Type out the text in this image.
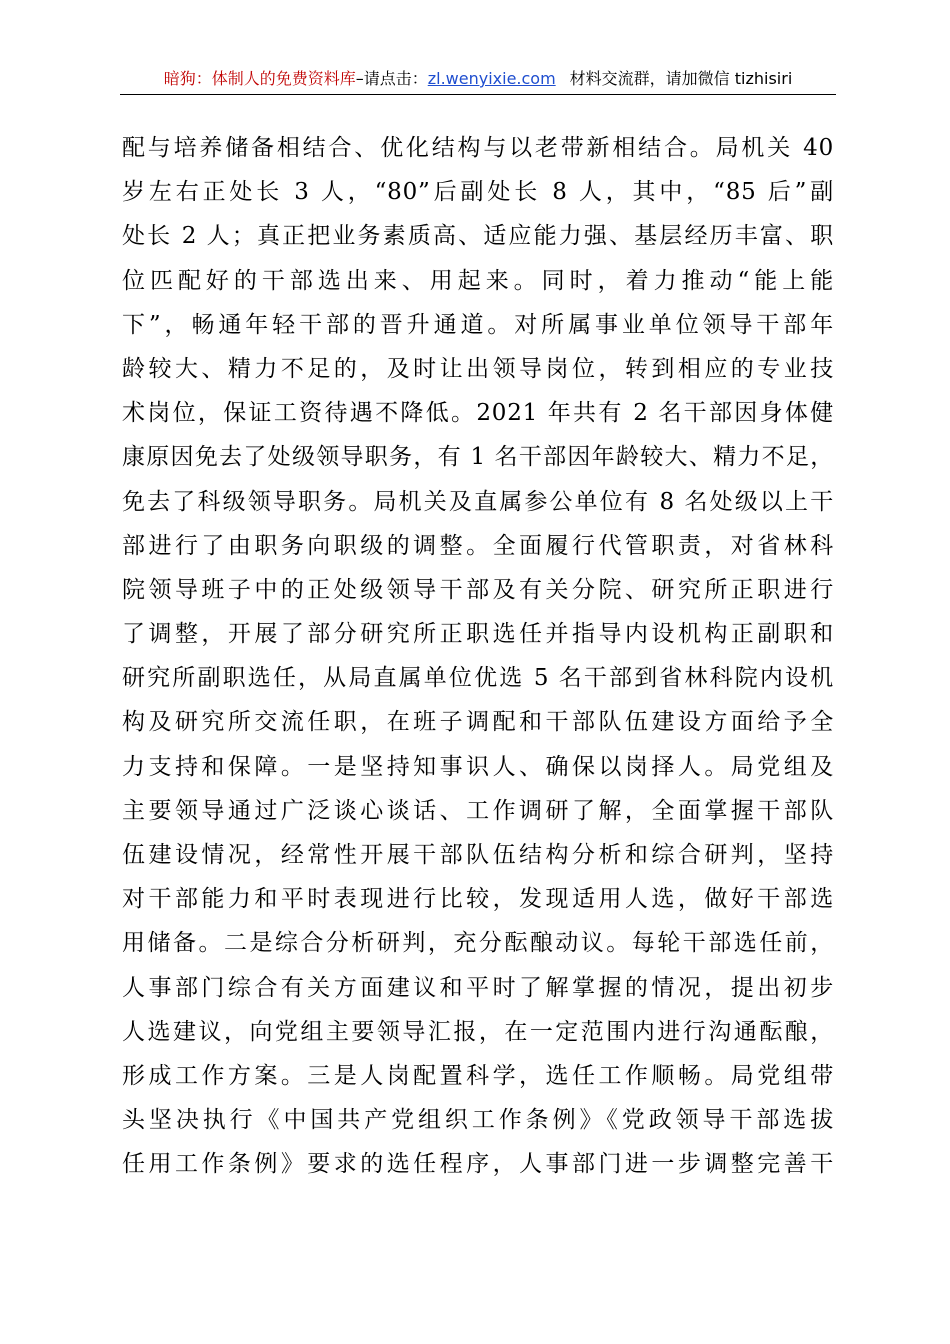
暗狗：体制人的免费资料库–请点击：zl.wenyixie.com 材料交流群，请加微信 tizhisiri
配与培养储备相结合、优化结构与以老带新相结合。局机关 40
岁左右正处长 3 人，“80”后副处长 8 人，其中，“85 后”副
处长 2 人；真正把业务素质高、适应能力强、基层经历丰富、职
位匹配好的干部选出来、用起来。同时，着力推动“能上能
下”，畅通年轻干部的晋升通道。对所属事业单位领导干部年
龄较大、精力不足的，及时让出领导岗位，转到相应的专业技
术岗位，保证工资待遇不降低。2021 年共有 2 名干部因身体健
康原因免去了处级领导职务，有 1 名干部因年龄较大、精力不足，
免去了科级领导职务。局机关及直属参公单位有 8 名处级以上干
部进行了由职务向职级的调整。全面履行代管职责，对省林科
院领导班子中的正处级领导干部及有关分院、研究所正职进行
了调整，开展了部分研究所正职选任并指导内设机构正副职和
研究所副职选任，从局直属单位优选 5 名干部到省林科院内设机
构及研究所交流任职，在班子调配和干部队伍建设方面给予全
力支持和保障。一是坚持知事识人、确保以岗择人。局党组及
主要领导通过广泛谈心谈话、工作调研了解，全面掌握干部队
伍建设情况，经常性开展干部队伍结构分析和综合研判，坚持
对干部能力和平时表现进行比较，发现适用人选，做好干部选
用储备。二是综合分析研判，充分酝酿动议。每轮干部选任前，
人事部门综合有关方面建议和平时了解掌握的情况，提出初步
人选建议，向党组主要领导汇报，在一定范围内进行沟通酝酿，
形成工作方案。三是人岗配置科学，选任工作顺畅。局党组带
头坚决执行《中国共产党组织工作条例》《党政领导干部选拔
任用工作条例》要求的选任程序，人事部门进一步调整完善干
